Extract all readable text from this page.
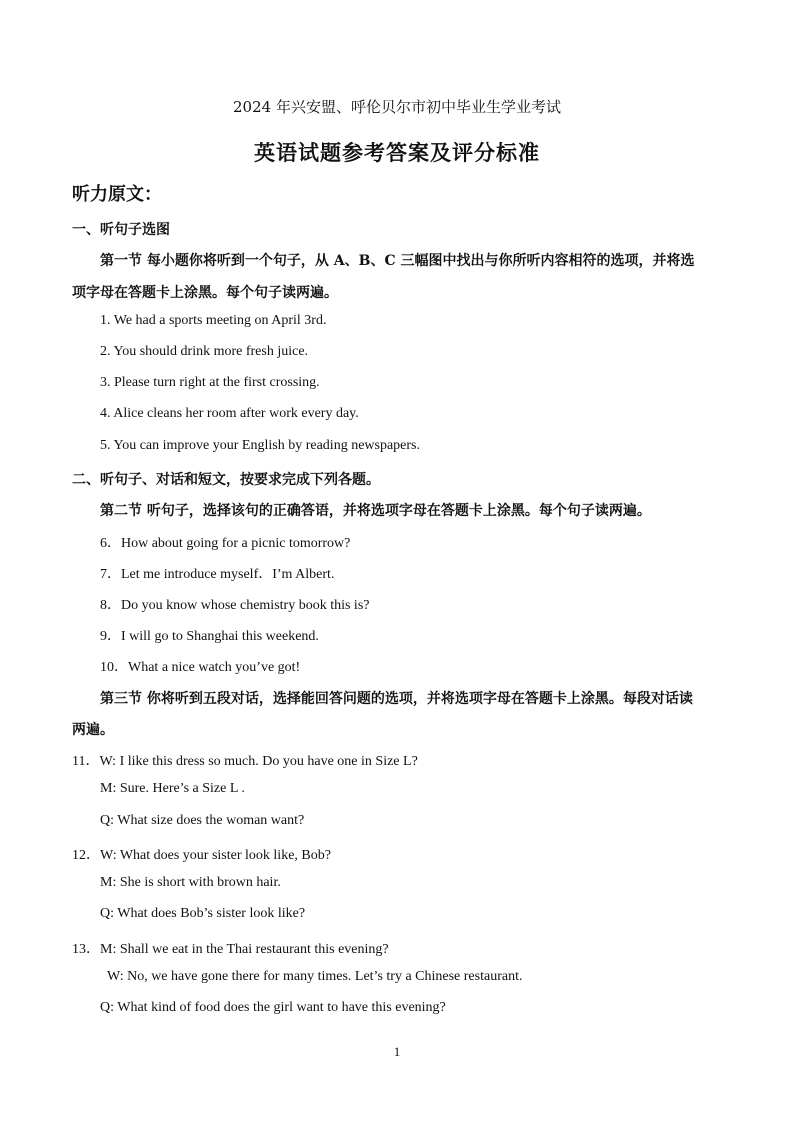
2024 年兴安盟、呼伦贝尔市初中毕业生学业考试
英语试题参考答案及评分标准
听力原文：
一、听句子选图
第一节 每小题你将听到一个句子，从 A、B、C 三幅图中找出与你所听内容相符的选项，并将选
项字母在答题卡上涂黑。每个句子读两遍。
1. We had a sports meeting on April 3rd.
2. You should drink more fresh juice.
3. Please turn right at the first crossing.
4. Alice cleans her room after work every day.
5. You can improve your English by reading newspapers.
二、听句子、对话和短文，按要求完成下列各题。
第二节 听句子，选择该句的正确答语，并将选项字母在答题卡上涂黑。每个句子读两遍。
6．How about going for a picnic tomorrow?
7．Let me introduce myself．I’m Albert.
8．Do you know whose chemistry book this is?
9．I will go to Shanghai this weekend.
10．What a nice watch you’ve got!
第三节 你将听到五段对话，选择能回答问题的选项，并将选项字母在答题卡上涂黑。每段对话读
两遍。
11．W: I like this dress so much. Do you have one in Size L?
M: Sure. Here’s a Size L .
Q: What size does the woman want?
12．W: What does your sister look like, Bob?
M: She is short with brown hair.
Q: What does Bob’s sister look like?
13．M: Shall we eat in the Thai restaurant this evening?
W: No, we have gone there for many times. Let’s try a Chinese restaurant.
Q: What kind of food does the girl want to have this evening?
1
